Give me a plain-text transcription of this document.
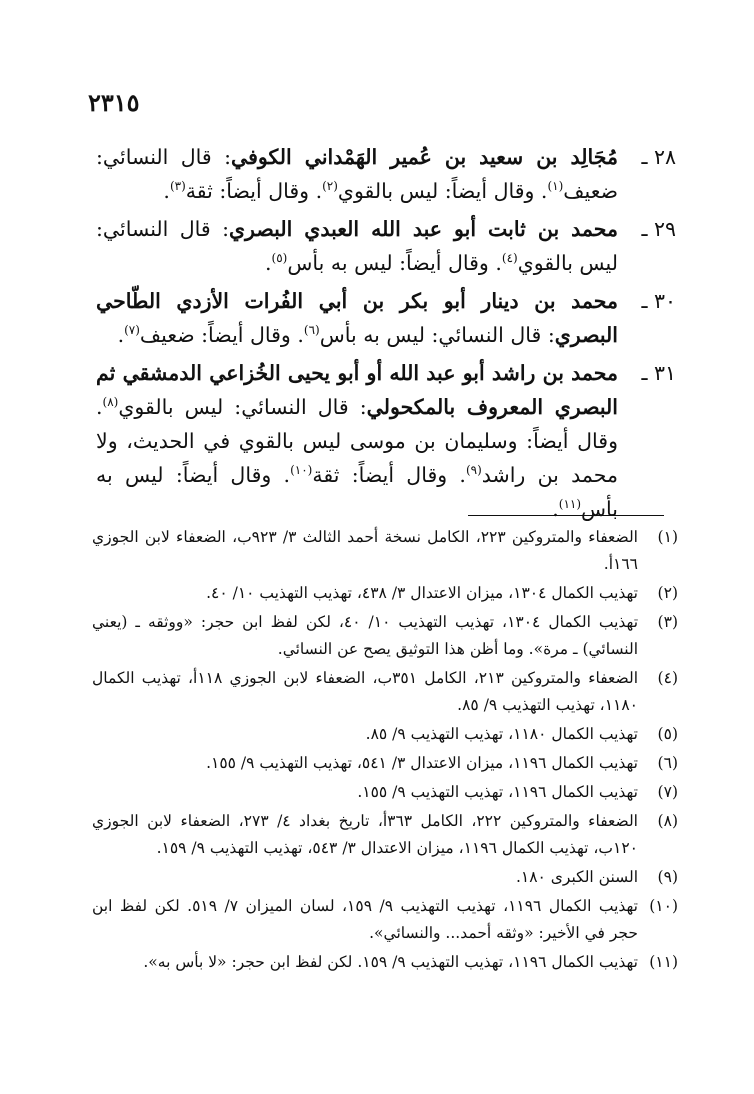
٢٣١٥

٢٨ ـ
مُجَالِد بن سعيد بن عُمير الهَمْداني الكوفي: قال النسائي: ضعيف$^{(١)}$. وقال أيضاً: ليس بالقوي$^{(٢)}$. وقال أيضاً: ثقة$^{(٣)}$.

٢٩ ـ
محمد بن ثابت أبو عبد الله العبدي البصري: قال النسائي: ليس بالقوي$^{(٤)}$. وقال أيضاً: ليس به بأس$^{(٥)}$.

٣٠ ـ
محمد بن دينار أبو بكر بن أبي الفُرات الأزدي الطّاحي البصري: قال النسائي: ليس به بأس$^{(٦)}$. وقال أيضاً: ضعيف$^{(٧)}$.

٣١ ـ
محمد بن راشد أبو عبد الله أو أبو يحيى الخُزاعي الدمشقي ثم البصري المعروف بالمكحولي: قال النسائي: ليس بالقوي$^{(٨)}$. وقال أيضاً: وسليمان بن موسى ليس بالقوي في الحديث، ولا محمد بن راشد$^{(٩)}$. وقال أيضاً: ثقة$^{(١٠)}$. وقال أيضاً: ليس به بأس$^{(١١)}$.

(١)
الضعفاء والمتروكين ٢٢٣، الكامل نسخة أحمد الثالث ٣/ ٩٢٣ب، الضعفاء لابن الجوزي ١٦٦أ.

(٢)
تهذيب الكمال ١٣٠٤، ميزان الاعتدال ٣/ ٤٣٨، تهذيب التهذيب ١٠/ ٤٠.

(٣)
تهذيب الكمال ١٣٠٤، تهذيب التهذيب ١٠/ ٤٠، لكن لفظ ابن حجر: «ووثقه ـ (يعني النسائي) ـ مرة». وما أظن هذا التوثيق يصح عن النسائي.

(٤)
الضعفاء والمتروكين ٢١٣، الكامل ٣٥١ب، الضعفاء لابن الجوزي ١١٨أ، تهذيب الكمال ١١٨٠، تهذيب التهذيب ٩/ ٨٥.

(٥)
تهذيب الكمال ١١٨٠، تهذيب التهذيب ٩/ ٨٥.

(٦)
تهذيب الكمال ١١٩٦، ميزان الاعتدال ٣/ ٥٤١، تهذيب التهذيب ٩/ ١٥٥.

(٧)
تهذيب الكمال ١١٩٦، تهذيب التهذيب ٩/ ١٥٥.

(٨)
الضعفاء والمتروكين ٢٢٢، الكامل ٣٦٣أ، تاريخ بغداد ٤/ ٢٧٣، الضعفاء لابن الجوزي ١٢٠ب، تهذيب الكمال ١١٩٦، ميزان الاعتدال ٣/ ٥٤٣، تهذيب التهذيب ٩/ ١٥٩.

(٩)
السنن الكبرى ١٨٠.

(١٠)
تهذيب الكمال ١١٩٦، تهذيب التهذيب ٩/ ١٥٩، لسان الميزان ٧/ ٥١٩. لكن لفظ ابن حجر في الأخير: «وثقه أحمد... والنسائي».

(١١)
تهذيب الكمال ١١٩٦، تهذيب التهذيب ٩/ ١٥٩. لكن لفظ ابن حجر: «لا بأس به».
